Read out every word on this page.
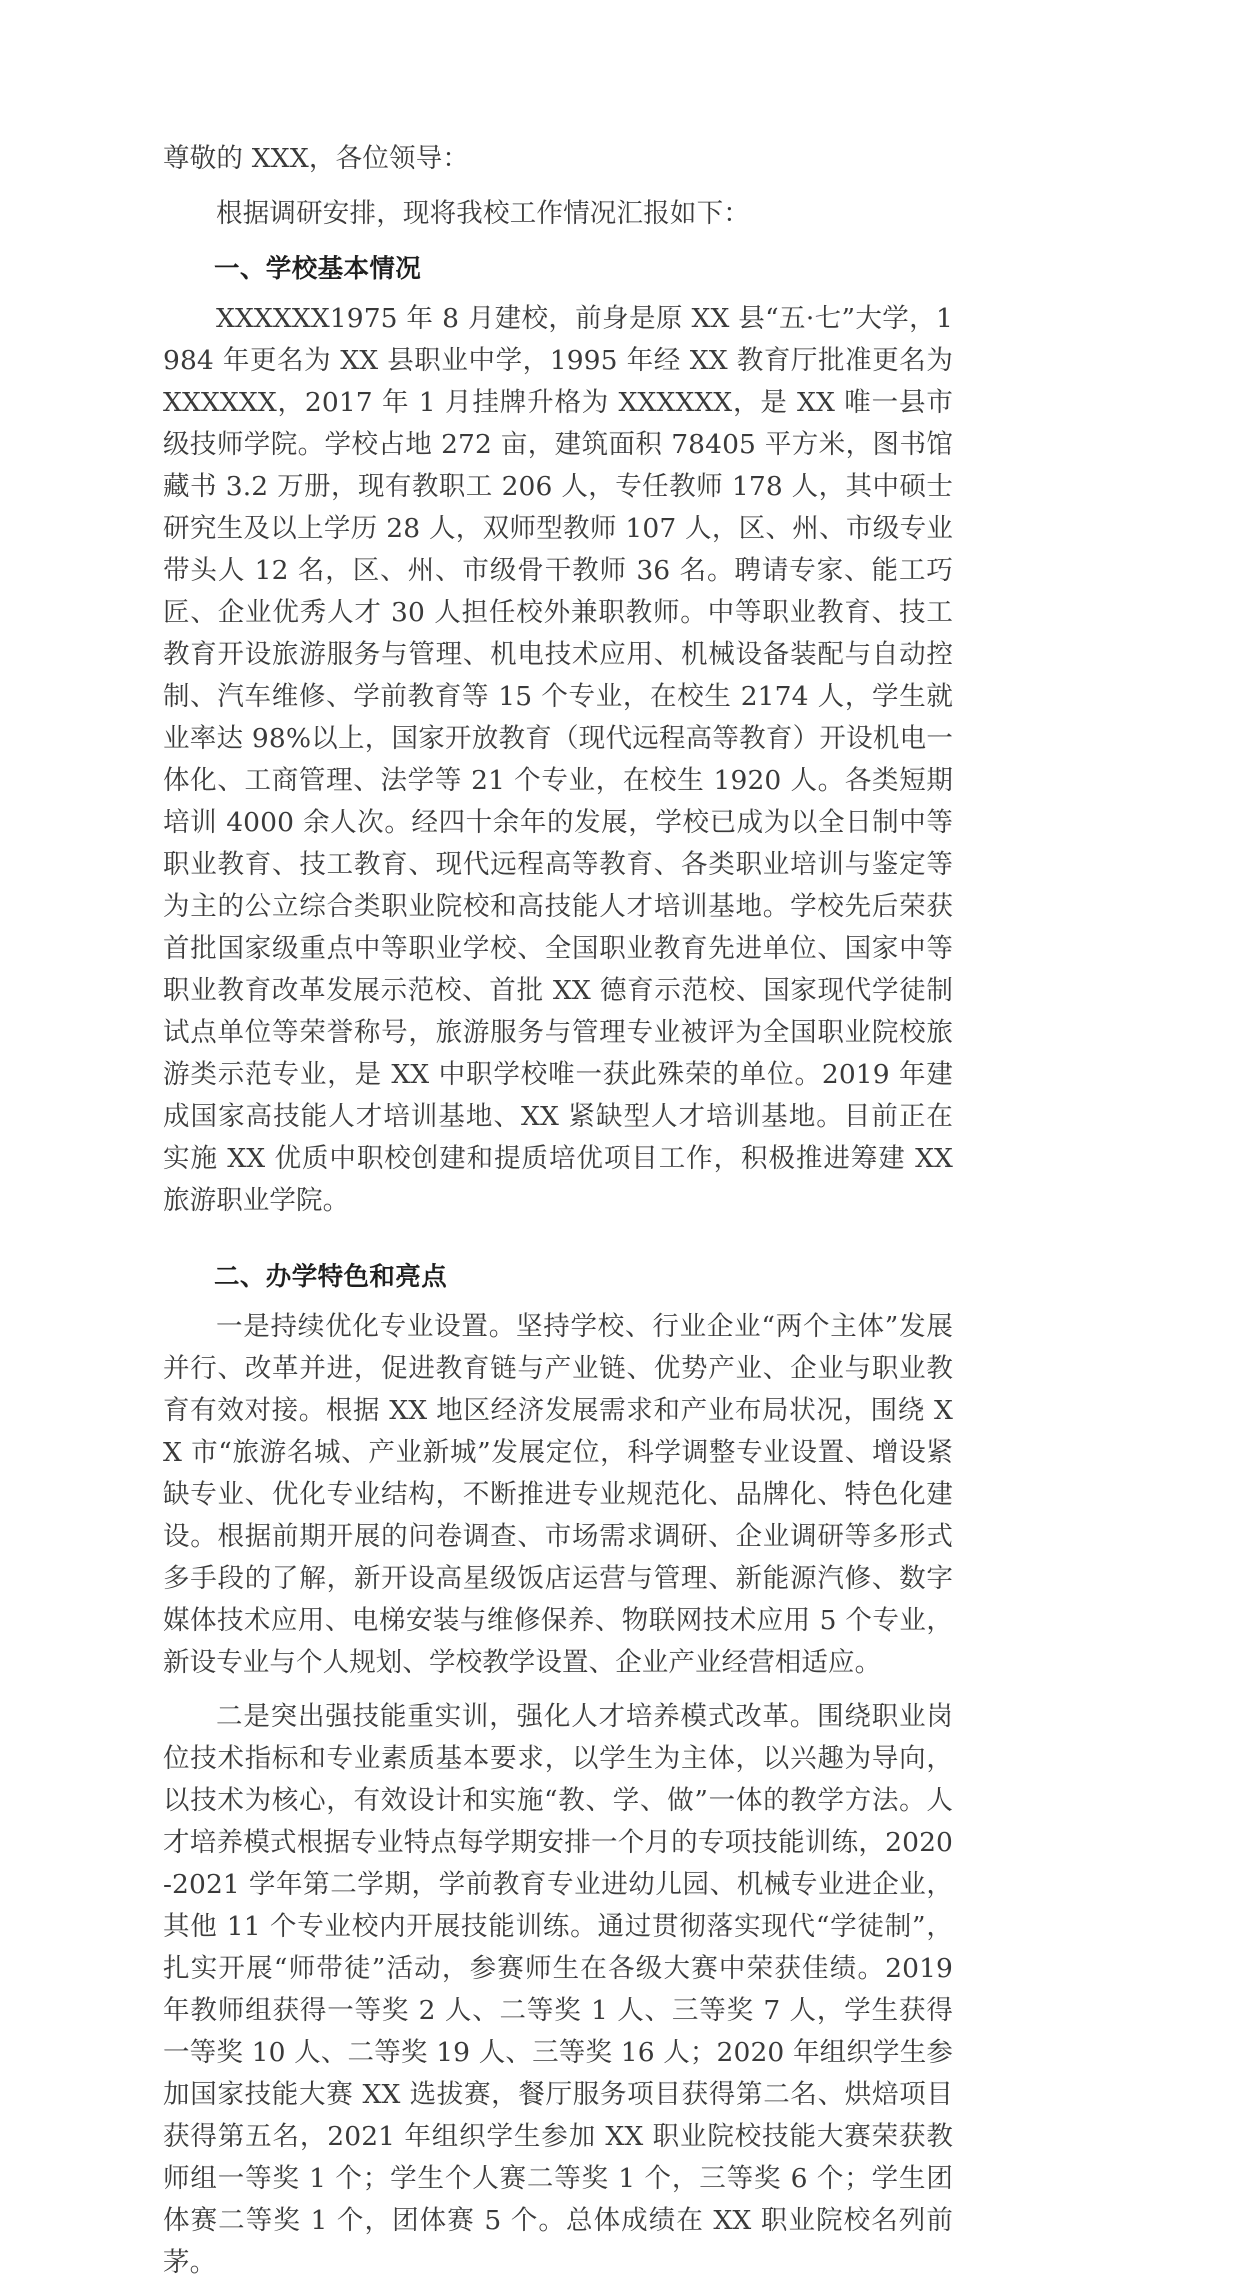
尊敬的 XXX，各位领导：

根据调研安排，现将我校工作情况汇报如下：

一、学校基本情况

XXXXXX1975 年 8 月建校，前身是原 XX 县“五·七”大学，1984 年更名为 XX 县职业中学，1995 年经 XX 教育厅批准更名为 XXXXXX，2017 年 1 月挂牌升格为 XXXXXX，是 XX 唯一县市级技师学院。学校占地 272 亩，建筑面积 78405 平方米，图书馆藏书 3.2 万册，现有教职工 206 人，专任教师 178 人，其中硕士研究生及以上学历 28 人，双师型教师 107 人，区、州、市级专业带头人 12 名，区、州、市级骨干教师 36 名。聘请专家、能工巧匠、企业优秀人才 30 人担任校外兼职教师。中等职业教育、技工教育开设旅游服务与管理、机电技术应用、机械设备装配与自动控制、汽车维修、学前教育等 15 个专业，在校生 2174 人，学生就业率达 98%以上，国家开放教育（现代远程高等教育）开设机电一体化、工商管理、法学等 21 个专业，在校生 1920 人。各类短期培训 4000 余人次。经四十余年的发展，学校已成为以全日制中等职业教育、技工教育、现代远程高等教育、各类职业培训与鉴定等为主的公立综合类职业院校和高技能人才培训基地。学校先后荣获首批国家级重点中等职业学校、全国职业教育先进单位、国家中等职业教育改革发展示范校、首批 XX 德育示范校、国家现代学徒制试点单位等荣誉称号，旅游服务与管理专业被评为全国职业院校旅游类示范专业，是 XX 中职学校唯一获此殊荣的单位。2019 年建成国家高技能人才培训基地、XX 紧缺型人才培训基地。目前正在实施 XX 优质中职校创建和提质培优项目工作，积极推进筹建 XX 旅游职业学院。

二、办学特色和亮点

一是持续优化专业设置。坚持学校、行业企业“两个主体”发展并行、改革并进，促进教育链与产业链、优势产业、企业与职业教育有效对接。根据 XX 地区经济发展需求和产业布局状况，围绕 XX 市“旅游名城、产业新城”发展定位，科学调整专业设置、增设紧缺专业、优化专业结构，不断推进专业规范化、品牌化、特色化建设。根据前期开展的问卷调查、市场需求调研、企业调研等多形式多手段的了解，新开设高星级饭店运营与管理、新能源汽修、数字媒体技术应用、电梯安装与维修保养、物联网技术应用 5 个专业，新设专业与个人规划、学校教学设置、企业产业经营相适应。

二是突出强技能重实训，强化人才培养模式改革。围绕职业岗位技术指标和专业素质基本要求，以学生为主体，以兴趣为导向，以技术为核心，有效设计和实施“教、学、做”一体的教学方法。人才培养模式根据专业特点每学期安排一个月的专项技能训练，2020-2021 学年第二学期，学前教育专业进幼儿园、机械专业进企业，其他 11 个专业校内开展技能训练。通过贯彻落实现代“学徒制”，扎实开展“师带徒”活动，参赛师生在各级大赛中荣获佳绩。2019 年教师组获得一等奖 2 人、二等奖 1 人、三等奖 7 人，学生获得一等奖 10 人、二等奖 19 人、三等奖 16 人；2020 年组织学生参加国家技能大赛 XX 选拔赛，餐厅服务项目获得第二名、烘焙项目获得第五名，2021 年组织学生参加 XX 职业院校技能大赛荣获教师组一等奖 1 个；学生个人赛二等奖 1 个，三等奖 6 个；学生团体赛二等奖 1 个，团体赛 5 个。总体成绩在 XX 职业院校名列前茅。
